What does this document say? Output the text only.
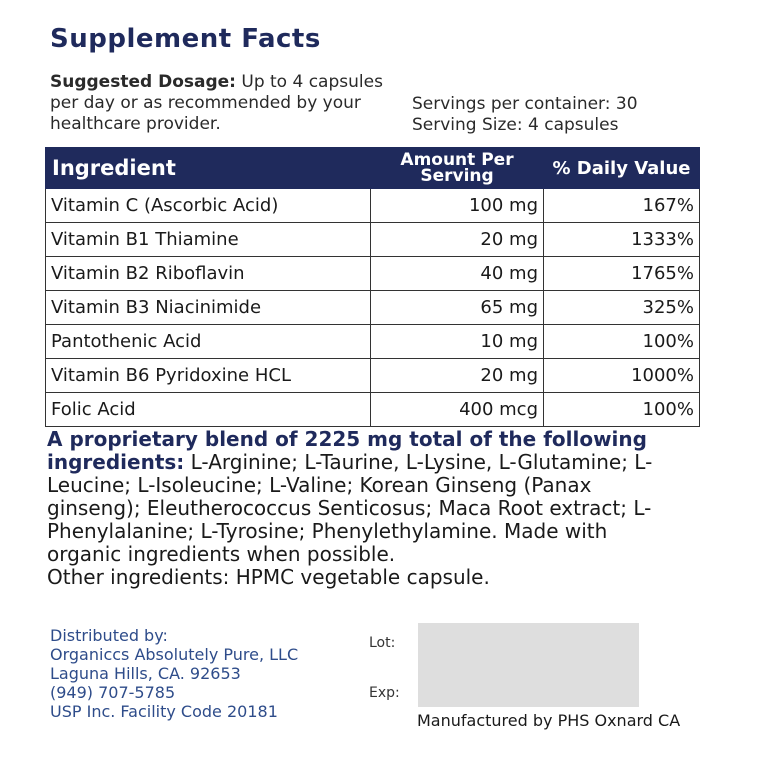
Supplement Facts
Suggested Dosage: Up to 4 capsules per day or as recommended by your healthcare provider.
Servings per container: 30
Serving Size: 4 capsules
Ingredient	Amount Per Serving	% Daily Value
Vitamin C (Ascorbic Acid)	100 mg	167%
Vitamin B1 Thiamine	20 mg	1333%
Vitamin B2 Riboflavin	40 mg	1765%
Vitamin B3 Niacinimide	65 mg	325%
Pantothenic Acid	10 mg	100%
Vitamin B6 Pyridoxine HCL	20 mg	1000%
Folic Acid	400 mcg	100%
A proprietary blend of 2225 mg total of the following ingredients: L-Arginine; L-Taurine, L-Lysine, L-Glutamine; L-Leucine; L-Isoleucine; L-Valine; Korean Ginseng (Panax ginseng); Eleutherococcus Senticosus; Maca Root extract; L-Phenylalanine; L-Tyrosine; Phenylethylamine. Made with organic ingredients when possible.
Other ingredients: HPMC vegetable capsule.
Distributed by:
Organiccs Absolutely Pure, LLC
Laguna Hills, CA. 92653
(949) 707-5785
USP Inc. Facility Code 20181
Lot:
Exp:
Manufactured by PHS Oxnard CA
